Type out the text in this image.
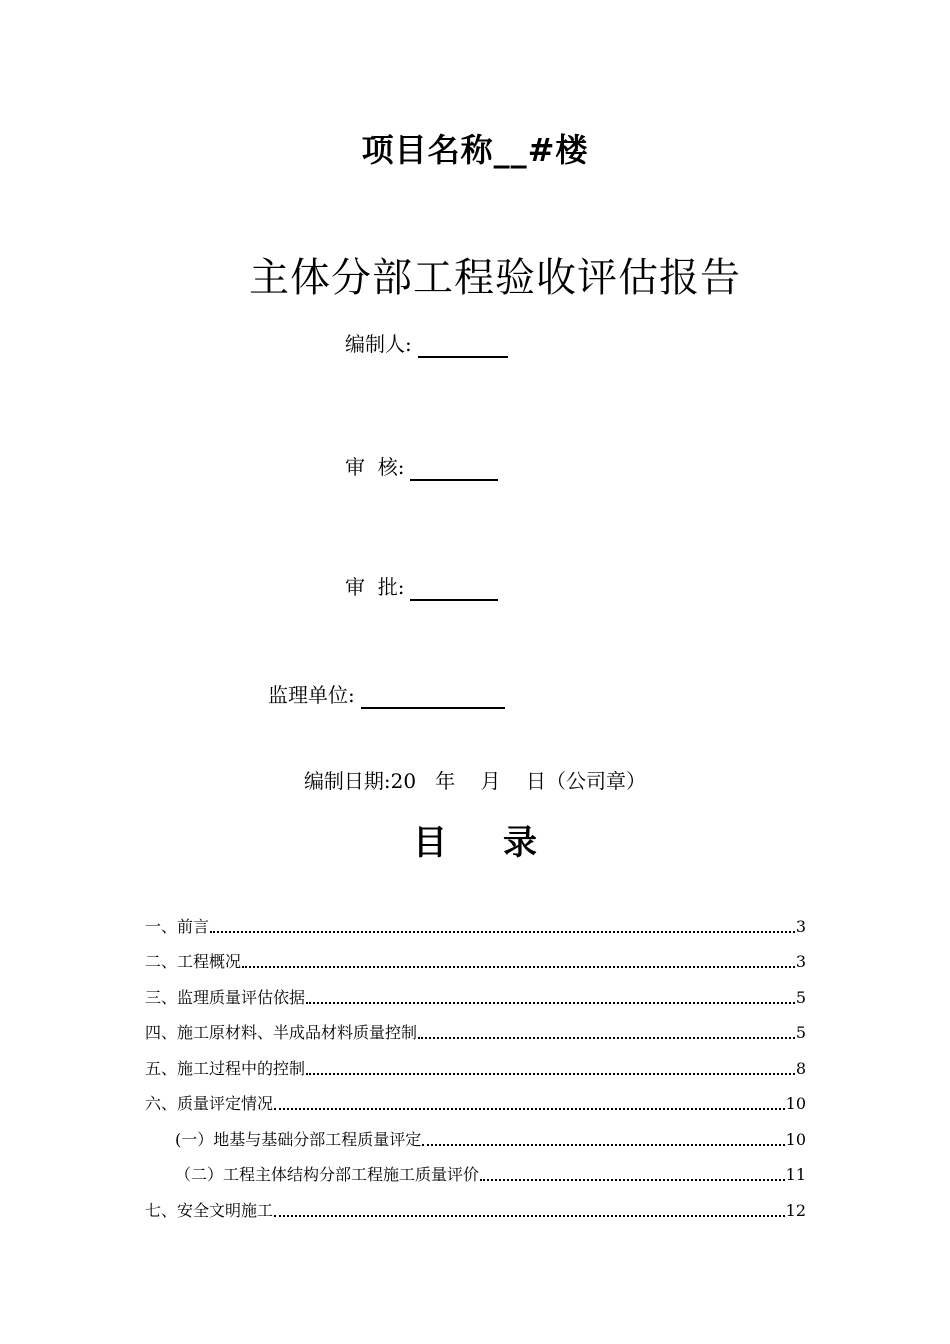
项目名称__#楼
主体分部工程验收评估报告
编制人:
审  核:
审  批:
监理单位:
编制日期:20   年    月    日（公司章）
目 录
一、前言	3
二、工程概况	3
三、监理质量评估依据	5
四、施工原材料、半成品材料质量控制	5
五、施工过程中的控制	8
六、质量评定情况	10
(一）地基与基础分部工程质量评定	10
（二）工程主体结构分部工程施工质量评价	11
七、安全文明施工	12
